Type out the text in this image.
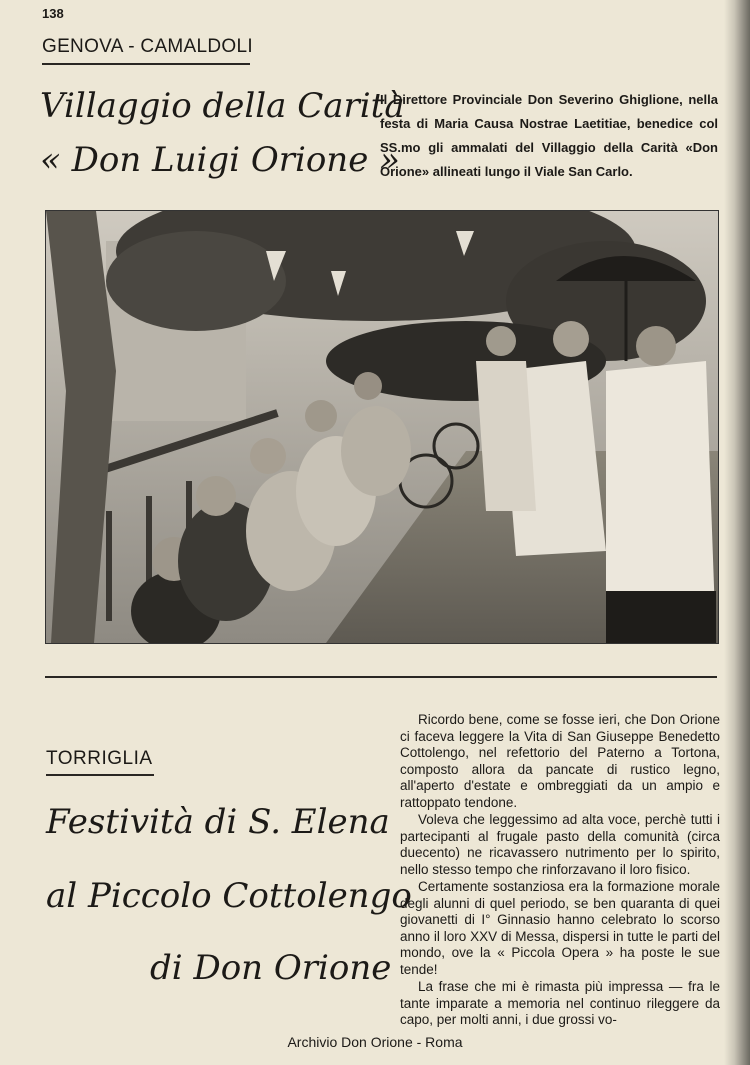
138
GENOVA - CAMALDOLI
Villaggio della Carità
« Don Luigi Orione »
Il Direttore Provinciale Don Severino Ghiglione, nella festa di Maria Causa Nostrae Laetitiae, benedice col SS.mo gli ammalati del Villaggio della Carità «Don Orione» allineati lungo il Viale San Carlo.
TORRIGLIA
Festività di S. Elena
al Piccolo Cottolengo
di Don Orione

Ricordo bene, come se fosse ieri, che Don Orione ci faceva leggere la Vita di San Giuseppe Benedetto Cottolengo, nel refettorio del Paterno a Tortona, composto allora da pancate di rustico legno, all'aperto d'estate e ombreggiati da un ampio e rattoppato tendone.

Voleva che leggessimo ad alta voce, perchè tutti i partecipanti al frugale pasto della comunità (circa duecento) ne ricavassero nutrimento per lo spirito, nello stesso tempo che rinforzavano il loro fisico.

Certamente sostanziosa era la formazione morale degli alunni di quel periodo, se ben quaranta di quei giovanetti di I° Ginnasio hanno celebrato lo scorso anno il loro XXV di Messa, dispersi in tutte le parti del mondo, ove la « Piccola Opera » ha poste le sue tende!

La frase che mi è rimasta più impressa — fra le tante imparate a memoria nel continuo rileggere da capo, per molti anni, i due grossi vo-

Archivio Don Orione - Roma
